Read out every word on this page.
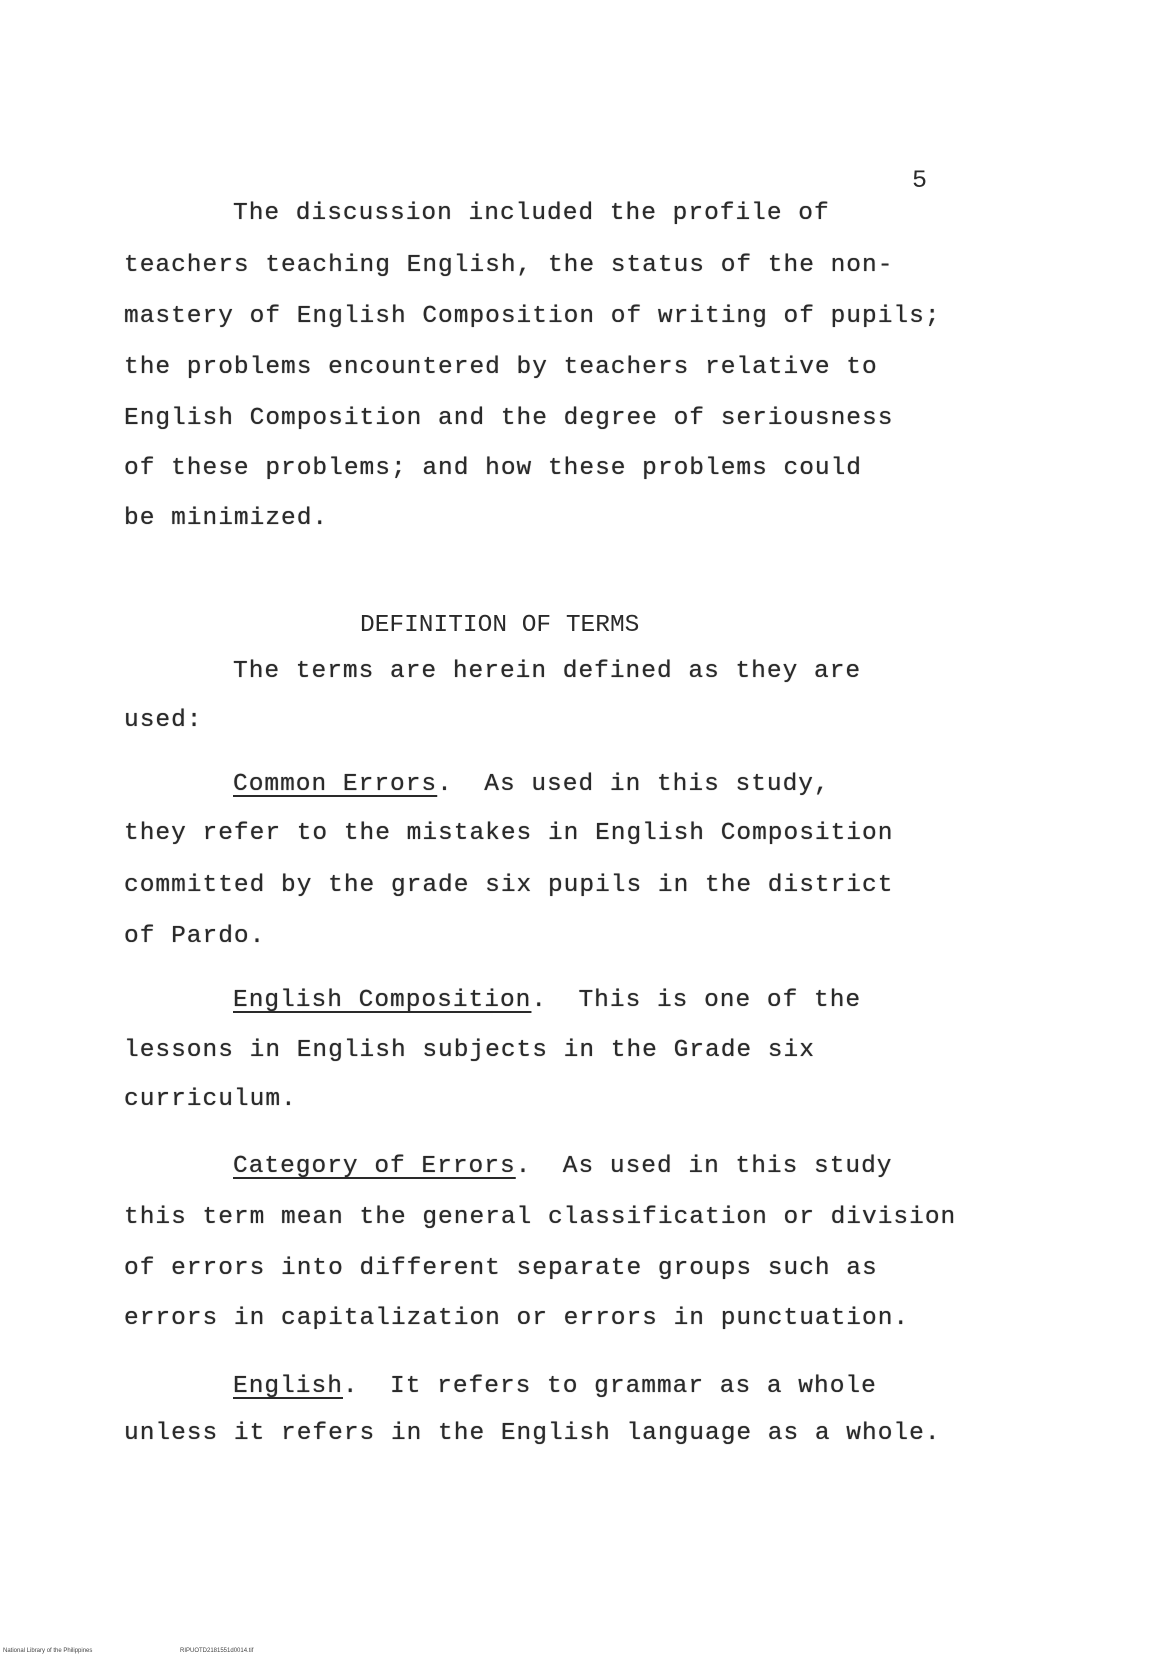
5
The discussion included the profile of
teachers teaching English, the status of the non-
mastery of English Composition of writing of pupils;
the problems encountered by teachers relative to
English Composition and the degree of seriousness
of these problems; and how these problems could
be minimized.
DEFINITION OF TERMS
The terms are herein defined as they are
used:
Common Errors.  As used in this study,
they refer to the mistakes in English Composition
committed by the grade six pupils in the district
of Pardo.
English Composition.  This is one of the
lessons in English subjects in the Grade six
curriculum.
Category of Errors.  As used in this study
this term mean the general classification or division
of errors into different separate groups such as
errors in capitalization or errors in punctuation.
English.  It refers to grammar as a whole
unless it refers in the English language as a whole.
National Library of the Philippines	RIPUOTD2181551d0014.tif
